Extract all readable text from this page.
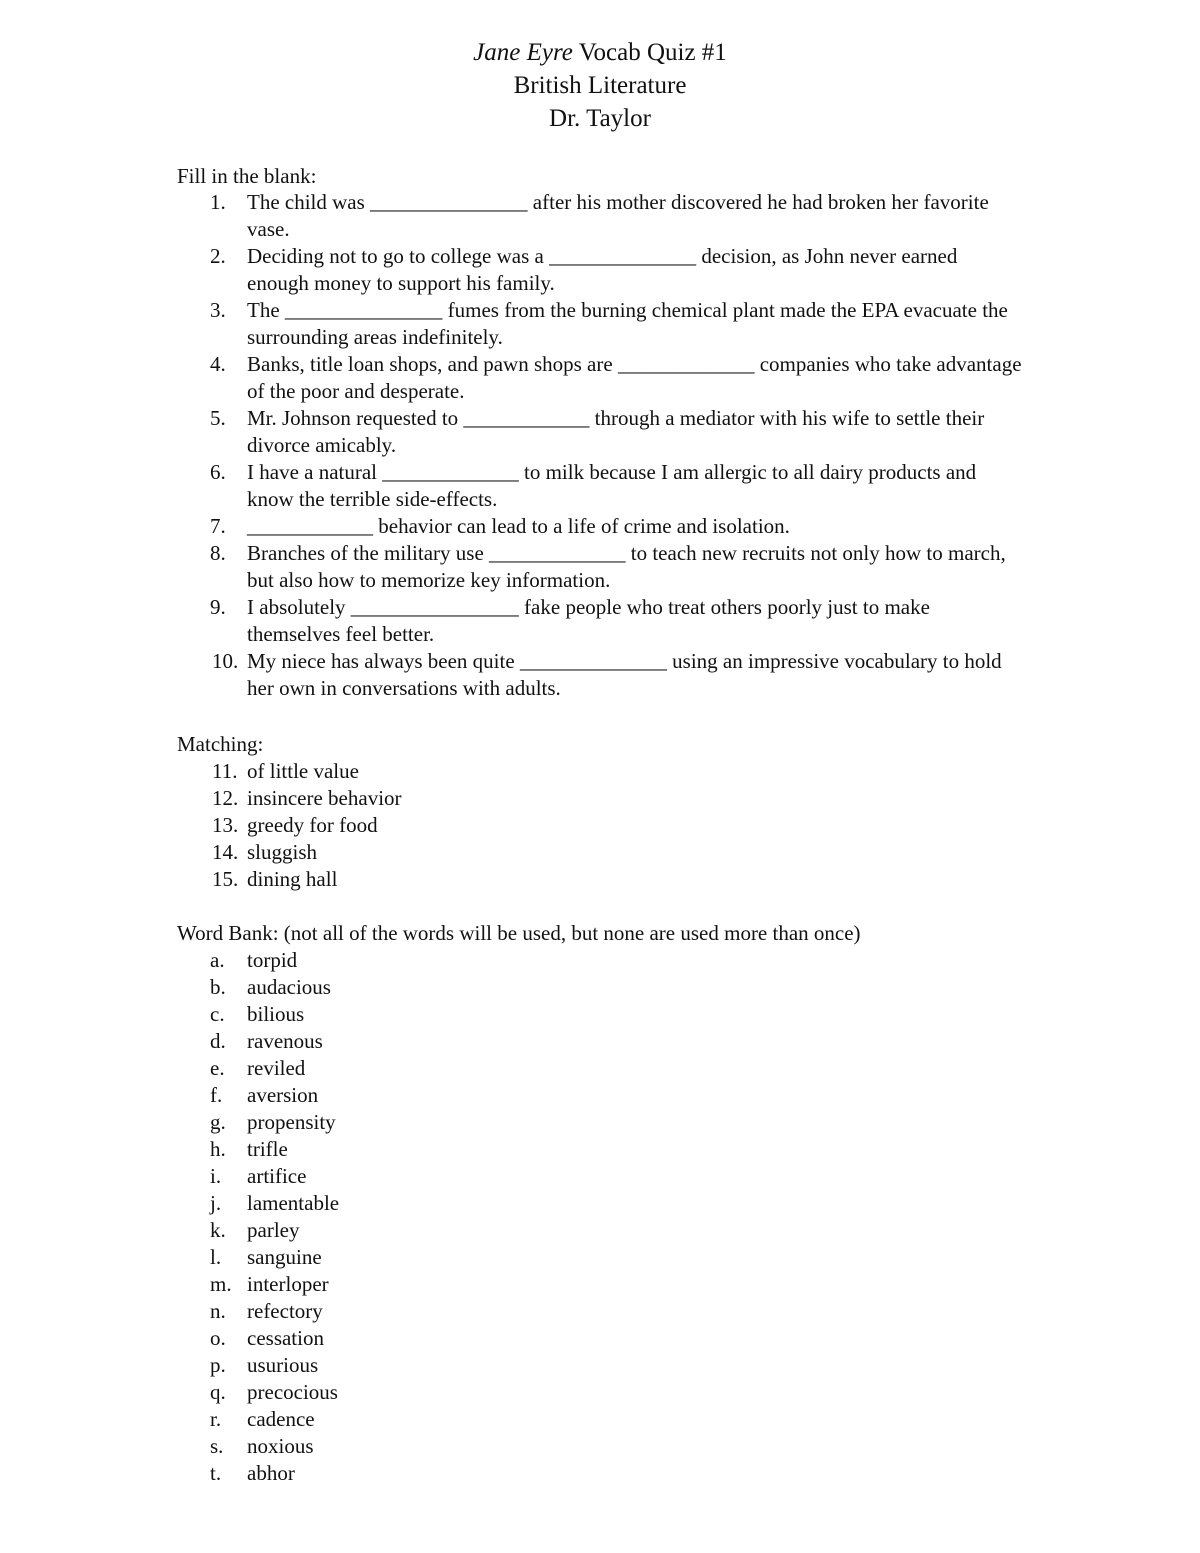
Jane Eyre Vocab Quiz #1
British Literature
Dr. Taylor
Fill in the blank:
1.	The child was _______________ after his mother discovered he had broken her favorite vase.
2.	Deciding not to go to college was a ______________ decision, as John never earned enough money to support his family.
3.	The _______________ fumes from the burning chemical plant made the EPA evacuate the surrounding areas indefinitely.
4.	Banks, title loan shops, and pawn shops are _____________ companies who take advantage of the poor and desperate.
5.	Mr. Johnson requested to ____________ through a mediator with his wife to settle their divorce amicably.
6.	I have a natural _____________ to milk because I am allergic to all dairy products and know the terrible side-effects.
7.	____________ behavior can lead to a life of crime and isolation.
8.	Branches of the military use _____________ to teach new recruits not only how to march, but also how to memorize key information.
9.	I absolutely ________________ fake people who treat others poorly just to make themselves feel better.
10. My niece has always been quite ______________ using an impressive vocabulary to hold her own in conversations with adults.
Matching:
11. of little value
12. insincere behavior
13. greedy for food
14. sluggish
15. dining hall
Word Bank: (not all of the words will be used, but none are used more than once)
a.	torpid
b.	audacious
c.	bilious
d.	ravenous
e.	reviled
f.	aversion
g.	propensity
h.	trifle
i.	artifice
j.	lamentable
k.	parley
l.	sanguine
m. interloper
n.	refectory
o.	cessation
p.	usurious
q.	precocious
r.	cadence
s.	noxious
t.	abhor
